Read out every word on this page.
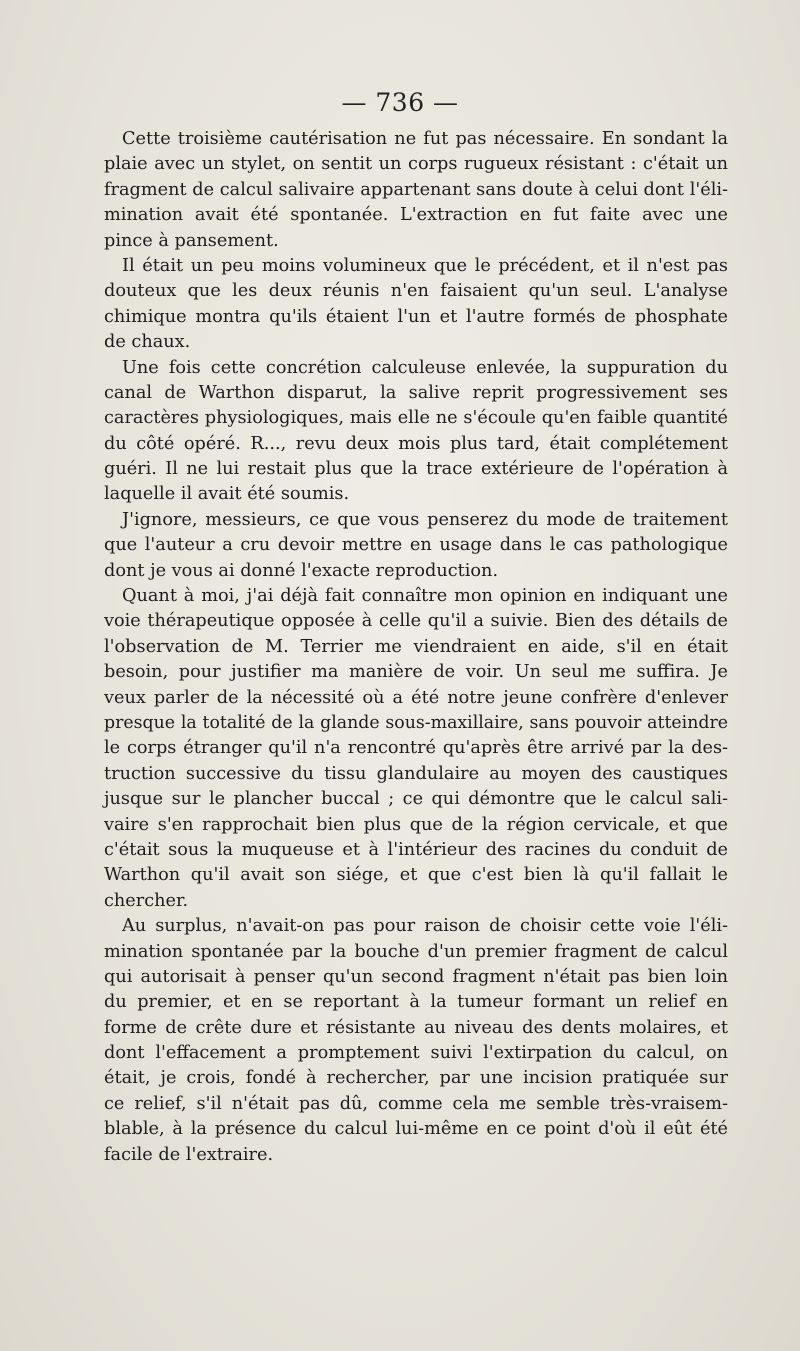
— 736 —
Cette troisième cautérisation ne fut pas nécessaire. En sondant la
plaie avec un stylet, on sentit un corps rugueux résistant : c'était un
fragment de calcul salivaire appartenant sans doute à celui dont l'éli-
mination avait été spontanée. L'extraction en fut faite avec une
pince à pansement.
Il était un peu moins volumineux que le précédent, et il n'est pas
douteux que les deux réunis n'en faisaient qu'un seul. L'analyse
chimique montra qu'ils étaient l'un et l'autre formés de phosphate
de chaux.
Une fois cette concrétion calculeuse enlevée, la suppuration du
canal de Warthon disparut, la salive reprit progressivement ses
caractères physiologiques, mais elle ne s'écoule qu'en faible quantité
du côté opéré. R..., revu deux mois plus tard, était complétement
guéri. Il ne lui restait plus que la trace extérieure de l'opération à
laquelle il avait été soumis.
J'ignore, messieurs, ce que vous penserez du mode de traitement
que l'auteur a cru devoir mettre en usage dans le cas pathologique
dont je vous ai donné l'exacte reproduction.
Quant à moi, j'ai déjà fait connaître mon opinion en indiquant une
voie thérapeutique opposée à celle qu'il a suivie. Bien des détails de
l'observation de M. Terrier me viendraient en aide, s'il en était
besoin, pour justifier ma manière de voir. Un seul me suffira. Je
veux parler de la nécessité où a été notre jeune confrère d'enlever
presque la totalité de la glande sous-maxillaire, sans pouvoir atteindre
le corps étranger qu'il n'a rencontré qu'après être arrivé par la des-
truction successive du tissu glandulaire au moyen des caustiques
jusque sur le plancher buccal ; ce qui démontre que le calcul sali-
vaire s'en rapprochait bien plus que de la région cervicale, et que
c'était sous la muqueuse et à l'intérieur des racines du conduit de
Warthon qu'il avait son siége, et que c'est bien là qu'il fallait le
chercher.
Au surplus, n'avait-on pas pour raison de choisir cette voie l'éli-
mination spontanée par la bouche d'un premier fragment de calcul
qui autorisait à penser qu'un second fragment n'était pas bien loin
du premier, et en se reportant à la tumeur formant un relief en
forme de crête dure et résistante au niveau des dents molaires, et
dont l'effacement a promptement suivi l'extirpation du calcul, on
était, je crois, fondé à rechercher, par une incision pratiquée sur
ce relief, s'il n'était pas dû, comme cela me semble très-vraisem-
blable, à la présence du calcul lui-même en ce point d'où il eût été
facile de l'extraire.
